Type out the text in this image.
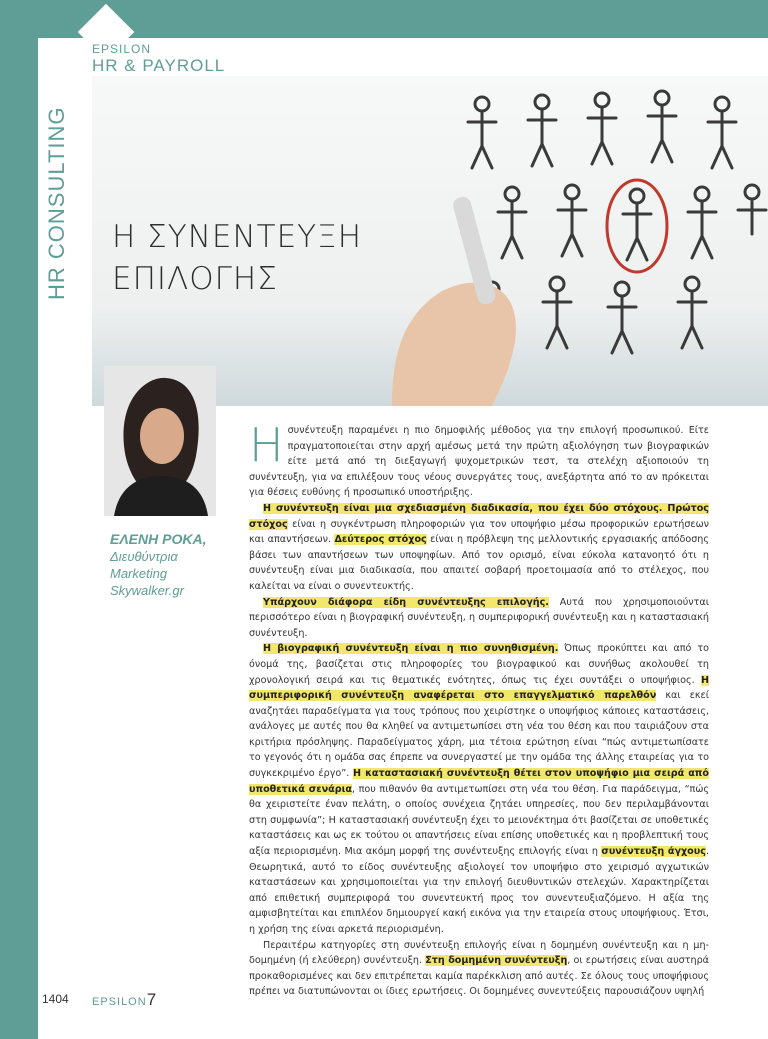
EPSILON
HR & PAYROLL
HR CONSULTING Η ΣΥΝΕΝΤΕΥΞΗ
ΕΠΙΛΟΓΗΣ
ΕΛΕΝΗ ΡΟΚΑ,
Διευθύντρια
Marketing
Skywalker.gr

Ησυνέντευξη παραμένει η πιο δημοφιλής μέθοδος για την επιλογή προσωπικού. Είτε πραγματοποιείται στην αρχή αμέσως μετά την πρώτη αξιολόγηση των βιογραφικών είτε μετά από τη διεξαγωγή ψυχομετρικών τεστ, τα στελέχη αξιοποιούν τη συνέντευξη, για να επιλέξουν τους νέους συνεργάτες τους, ανεξάρτητα από το αν πρόκειται για θέσεις ευθύνης ή προσωπικό υποστήριξης.

Η συνέντευξη είναι μια σχεδιασμένη διαδικασία, που έχει δύο στόχους. Πρώτος στόχος είναι η συγκέντρωση πληροφοριών για τον υποψήφιο μέσω προφορικών ερωτήσεων και απαντήσεων. Δεύτερος στόχος είναι η πρόβλεψη της μελλοντικής εργασιακής απόδοσης βάσει των απαντήσεων των υποψηφίων. Από τον ορισμό, είναι εύκολα κατανοητό ότι η συνέντευξη είναι μια διαδικασία, που απαιτεί σοβαρή προετοιμασία από το στέλεχος, που καλείται να είναι ο συνεντευκτής.

Υπάρχουν διάφορα είδη συνέντευξης επιλογής. Αυτά που χρησιμοποιούνται περισσότερο είναι η βιογραφική συνέντευξη, η συμπεριφορική συνέντευξη και η καταστασιακή συνέντευξη.

Η βιογραφική συνέντευξη είναι η πιο συνηθισμένη. Όπως προκύπτει και από το όνομά της, βασίζεται στις πληροφορίες του βιογραφικού και συνήθως ακολουθεί τη χρονολογική σειρά και τις θεματικές ενότητες, όπως τις έχει συντάξει ο υποψήφιος. Η συμπεριφορική συνέντευξη αναφέρεται στο επαγγελματικό παρελθόν και εκεί αναζητάει παραδείγματα για τους τρόπους που χειρίστηκε ο υποψήφιος κάποιες καταστάσεις, ανάλογες με αυτές που θα κληθεί να αντιμετωπίσει στη νέα του θέση και που ταιριάζουν στα κριτήρια πρόσληψης. Παραδείγματος χάρη, μια τέτοια ερώτηση είναι “πώς αντιμετωπίσατε το γεγονός ότι η ομάδα σας έπρεπε να συνεργαστεί με την ομάδα της άλλης εταιρείας για το συγκεκριμένο έργο”. Η καταστασιακή συνέντευξη θέτει στον υποψήφιο μια σειρά από υποθετικά σενάρια, που πιθανόν θα αντιμετωπίσει στη νέα του θέση. Για παράδειγμα, “πώς θα χειριστείτε έναν πελάτη, ο οποίος συνέχεια ζητάει υπηρεσίες, που δεν περιλαμβάνονται στη συμφωνία”; Η καταστασιακή συνέντευξη έχει το μειονέκτημα ότι βασίζεται σε υποθετικές καταστάσεις και ως εκ τούτου οι απαντήσεις είναι επίσης υποθετικές και η προβλεπτική τους αξία περιορισμένη. Μια ακόμη μορφή της συνέντευξης επιλογής είναι η συνέντευξη άγχους. Θεωρητικά, αυτό το είδος συνέντευξης αξιολογεί τον υποψήφιο στο χειρισμό αγχωτικών καταστάσεων και χρησιμοποιείται για την επιλογή διευθυντικών στελεχών. Χαρακτηρίζεται από επιθετική συμπεριφορά του συνεντευκτή προς τον συνεντευξιαζόμενο. Η αξία της αμφισβητείται και επιπλέον δημιουργεί κακή εικόνα για την εταιρεία στους υποψήφιους. Έτσι, η χρήση της είναι αρκετά περιορισμένη.

Περαιτέρω κατηγορίες στη συνέντευξη επιλογής είναι η δομημένη συνέντευξη και η μη-δομημένη (ή ελεύθερη) συνέντευξη. Στη δομημένη συνέντευξη, οι ερωτήσεις είναι αυστηρά προκαθορισμένες και δεν επιτρέπεται καμία παρέκκλιση από αυτές. Σε όλους τους υποψήφιους πρέπει να διατυπώνονται οι ίδιες ερωτήσεις. Οι δομημένες συνεντεύξεις παρουσιάζουν υψηλή

1404 EPSILON7
